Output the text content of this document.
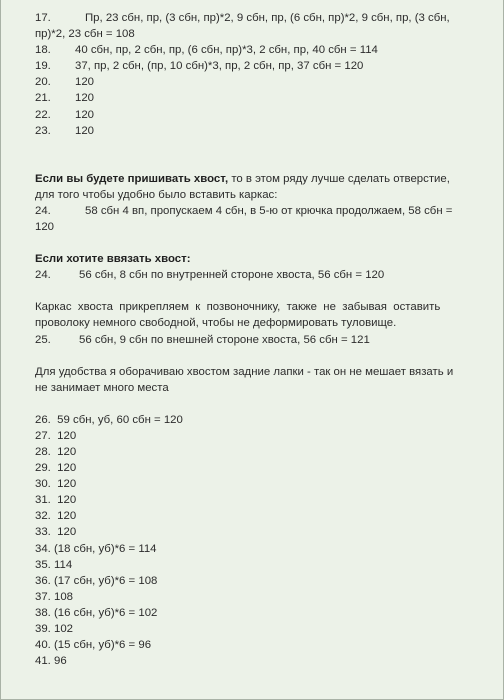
17.	Пр, 23 сбн, пр, (3 сбн, пр)*2, 9 сбн, пр, (6 сбн, пр)*2, 9 сбн, пр, (3 сбн,
пр)*2, 23 сбн = 108
18.	40 сбн, пр, 2 сбн, пр, (6 сбн, пр)*3, 2 сбн, пр, 40 сбн = 114
19.	37, пр, 2 сбн, (пр, 10 сбн)*3, пр, 2 сбн, пр, 37 сбн = 120
20.	120
21.	120
22.	120
23.	120
Если вы будете пришивать хвост, то в этом ряду лучше сделать отверстие,
для того чтобы удобно было вставить каркас:
24.	58 сбн 4 вп, пропускаем 4 сбн, в 5-ю от крючка продолжаем, 58 сбн =
120
Если хотите ввязать хвост:
24.	56 сбн, 8 сбн по внутренней стороне хвоста, 56 сбн = 120
Каркас  хвоста  прикрепляем  к  позвоночнику,  также  не  забывая  оставить
проволоку немного свободной, чтобы не деформировать туловище.
25.	56 сбн, 9 сбн по внешней стороне хвоста, 56 сбн = 121
Для удобства я оборачиваю хвостом задние лапки - так он не мешает вязать и
не занимает много места
26.  59 сбн, уб, 60 сбн = 120
27.  120
28.  120
29.  120
30.  120
31.  120
32.  120
33.  120
34. (18 сбн, уб)*6 = 114
35. 114
36. (17 сбн, уб)*6 = 108
37. 108
38. (16 сбн, уб)*6 = 102
39. 102
40. (15 сбн, уб)*6 = 96
41. 96
